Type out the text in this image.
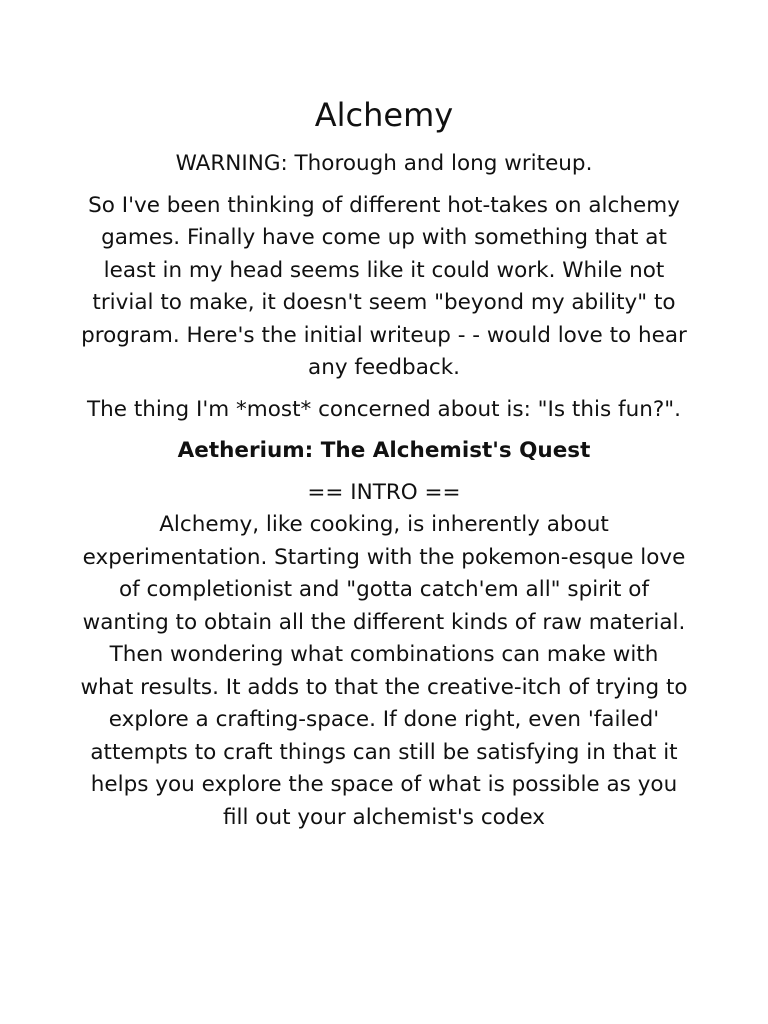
Alchemy

WARNING: Thorough and long writeup.

So I've been thinking of different hot-takes on alchemy games. Finally have come up with something that at least in my head seems like it could work. While not trivial to make, it doesn't seem "beyond my ability" to program. Here's the initial writeup - - would love to hear any feedback.

The thing I'm *most* concerned about is: "Is this fun?".

Aetherium: The Alchemist's Quest

== INTRO ==
Alchemy, like cooking, is inherently about experimentation. Starting with the pokemon-esque love of completionist and "gotta catch'em all" spirit of wanting to obtain all the different kinds of raw material. Then wondering what combinations can make with what results. It adds to that the creative-itch of trying to explore a crafting-space. If done right, even 'failed' attempts to craft things can still be satisfying in that it helps you explore the space of what is possible as you fill out your alchemist's codex
